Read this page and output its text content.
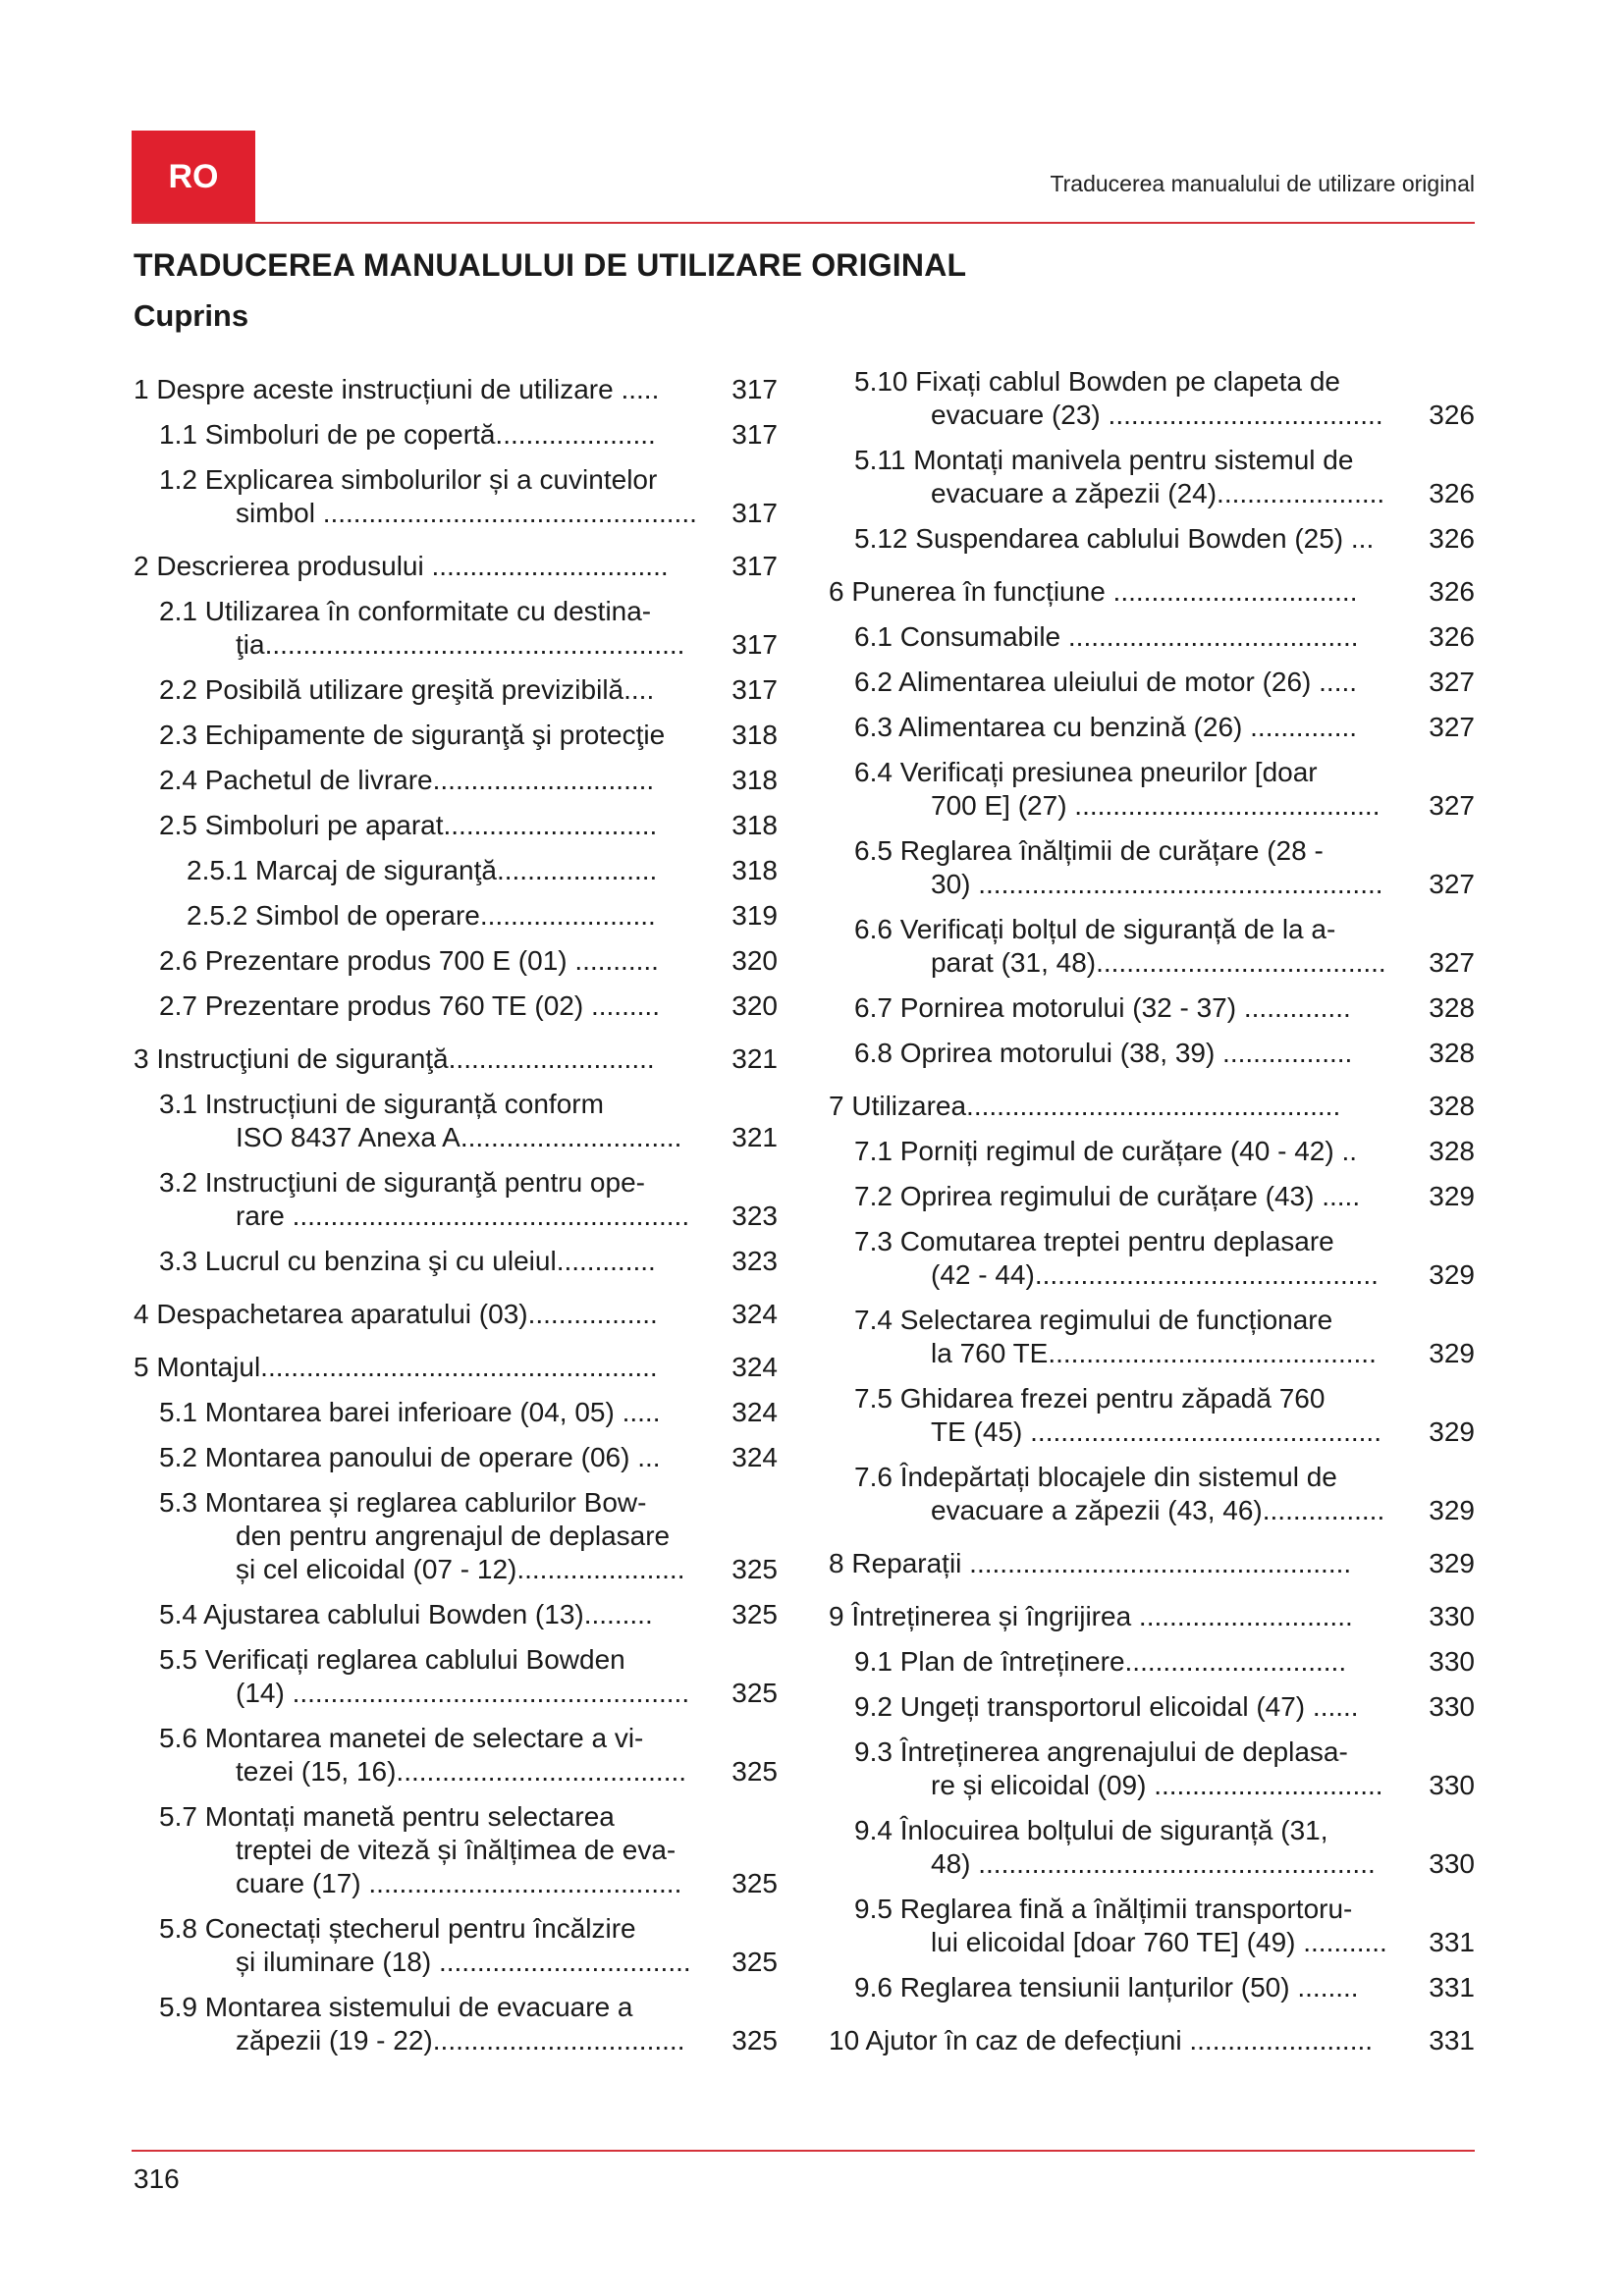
RO	Traducerea manualului de utilizare original
TRADUCEREA MANUALULUI DE UTILIZARE ORIGINAL
Cuprins
1 Despre aceste instrucțiuni de utilizare .....	317
1.1 Simboluri de pe copertă.....................	317
1.2 Explicarea simbolurilor și a cuvintelor
simbol .................................................	317
2 Descrierea produsului ...............................	317
2.1 Utilizarea în conformitate cu destina-
ţia.......................................................	317
2.2 Posibilă utilizare greşită previzibilă....	317
2.3 Echipamente de siguranţă şi protecţie	318
2.4 Pachetul de livrare.............................	318
2.5 Simboluri pe aparat............................	318
2.5.1 Marcaj de siguranţă.....................	318
2.5.2 Simbol de operare.......................	319
2.6 Prezentare produs 700 E (01) ...........	320
2.7 Prezentare produs 760 TE (02) .........	320
3 Instrucţiuni de siguranţă...........................	321
3.1 Instrucțiuni de siguranță conform
ISO 8437 Anexa A.............................	321
3.2 Instrucţiuni de siguranţă pentru ope-
rare ....................................................	323
3.3 Lucrul cu benzina şi cu uleiul.............	323
4 Despachetarea aparatului (03).................	324
5 Montajul....................................................	324
5.1 Montarea barei inferioare (04, 05) .....	324
5.2 Montarea panoului de operare (06) ...	324
5.3 Montarea și reglarea cablurilor Bow-
den pentru angrenajul de deplasare
și cel elicoidal (07 - 12)......................	325
5.4 Ajustarea cablului Bowden (13).........	325
5.5 Verificați reglarea cablului Bowden
(14) ....................................................	325
5.6 Montarea manetei de selectare a vi-
tezei (15, 16)......................................	325
5.7 Montați manetă pentru selectarea
treptei de viteză și înălțimea de eva-
cuare (17) .........................................	325
5.8 Conectați ștecherul pentru încălzire
și iluminare (18) .................................	325
5.9 Montarea sistemului de evacuare a
zăpezii (19 - 22).................................	325
5.10 Fixați cablul Bowden pe clapeta de
evacuare (23) ....................................	326
5.11 Montați manivela pentru sistemul de
evacuare a zăpezii (24)......................	326
5.12 Suspendarea cablului Bowden (25) ...	326
6 Punerea în funcțiune ................................	326
6.1 Consumabile ......................................	326
6.2 Alimentarea uleiului de motor (26) .....	327
6.3 Alimentarea cu benzină (26) ..............	327
6.4 Verificați presiunea pneurilor [doar
700 E] (27) ........................................	327
6.5 Reglarea înălțimii de curățare (28 -
30) .....................................................	327
6.6 Verificați bolțul de siguranță de la a-
parat (31, 48)......................................	327
6.7 Pornirea motorului (32 - 37) ..............	328
6.8 Oprirea motorului (38, 39) .................	328
7 Utilizarea.................................................	328
7.1 Porniți regimul de curățare (40 - 42) ..	328
7.2 Oprirea regimului de curățare (43) .....	329
7.3 Comutarea treptei pentru deplasare
(42 - 44).............................................	329
7.4 Selectarea regimului de funcționare
la 760 TE...........................................	329
7.5 Ghidarea frezei pentru zăpadă 760
TE (45) ..............................................	329
7.6 Îndepărtați blocajele din sistemul de
evacuare a zăpezii (43, 46)................	329
8 Reparații ..................................................	329
9 Întreținerea și îngrijirea ............................	330
9.1 Plan de întreținere.............................	330
9.2 Ungeți transportorul elicoidal (47) ......	330
9.3 Întreținerea angrenajului de deplasa-
re și elicoidal (09) ..............................	330
9.4 Înlocuirea bolțului de siguranță (31,
48) ....................................................	330
9.5 Reglarea fină a înălțimii transportoru-
lui elicoidal [doar 760 TE] (49) ...........	331
9.6 Reglarea tensiunii lanțurilor (50) ........	331
10 Ajutor în caz de defecțiuni ........................	331
316
